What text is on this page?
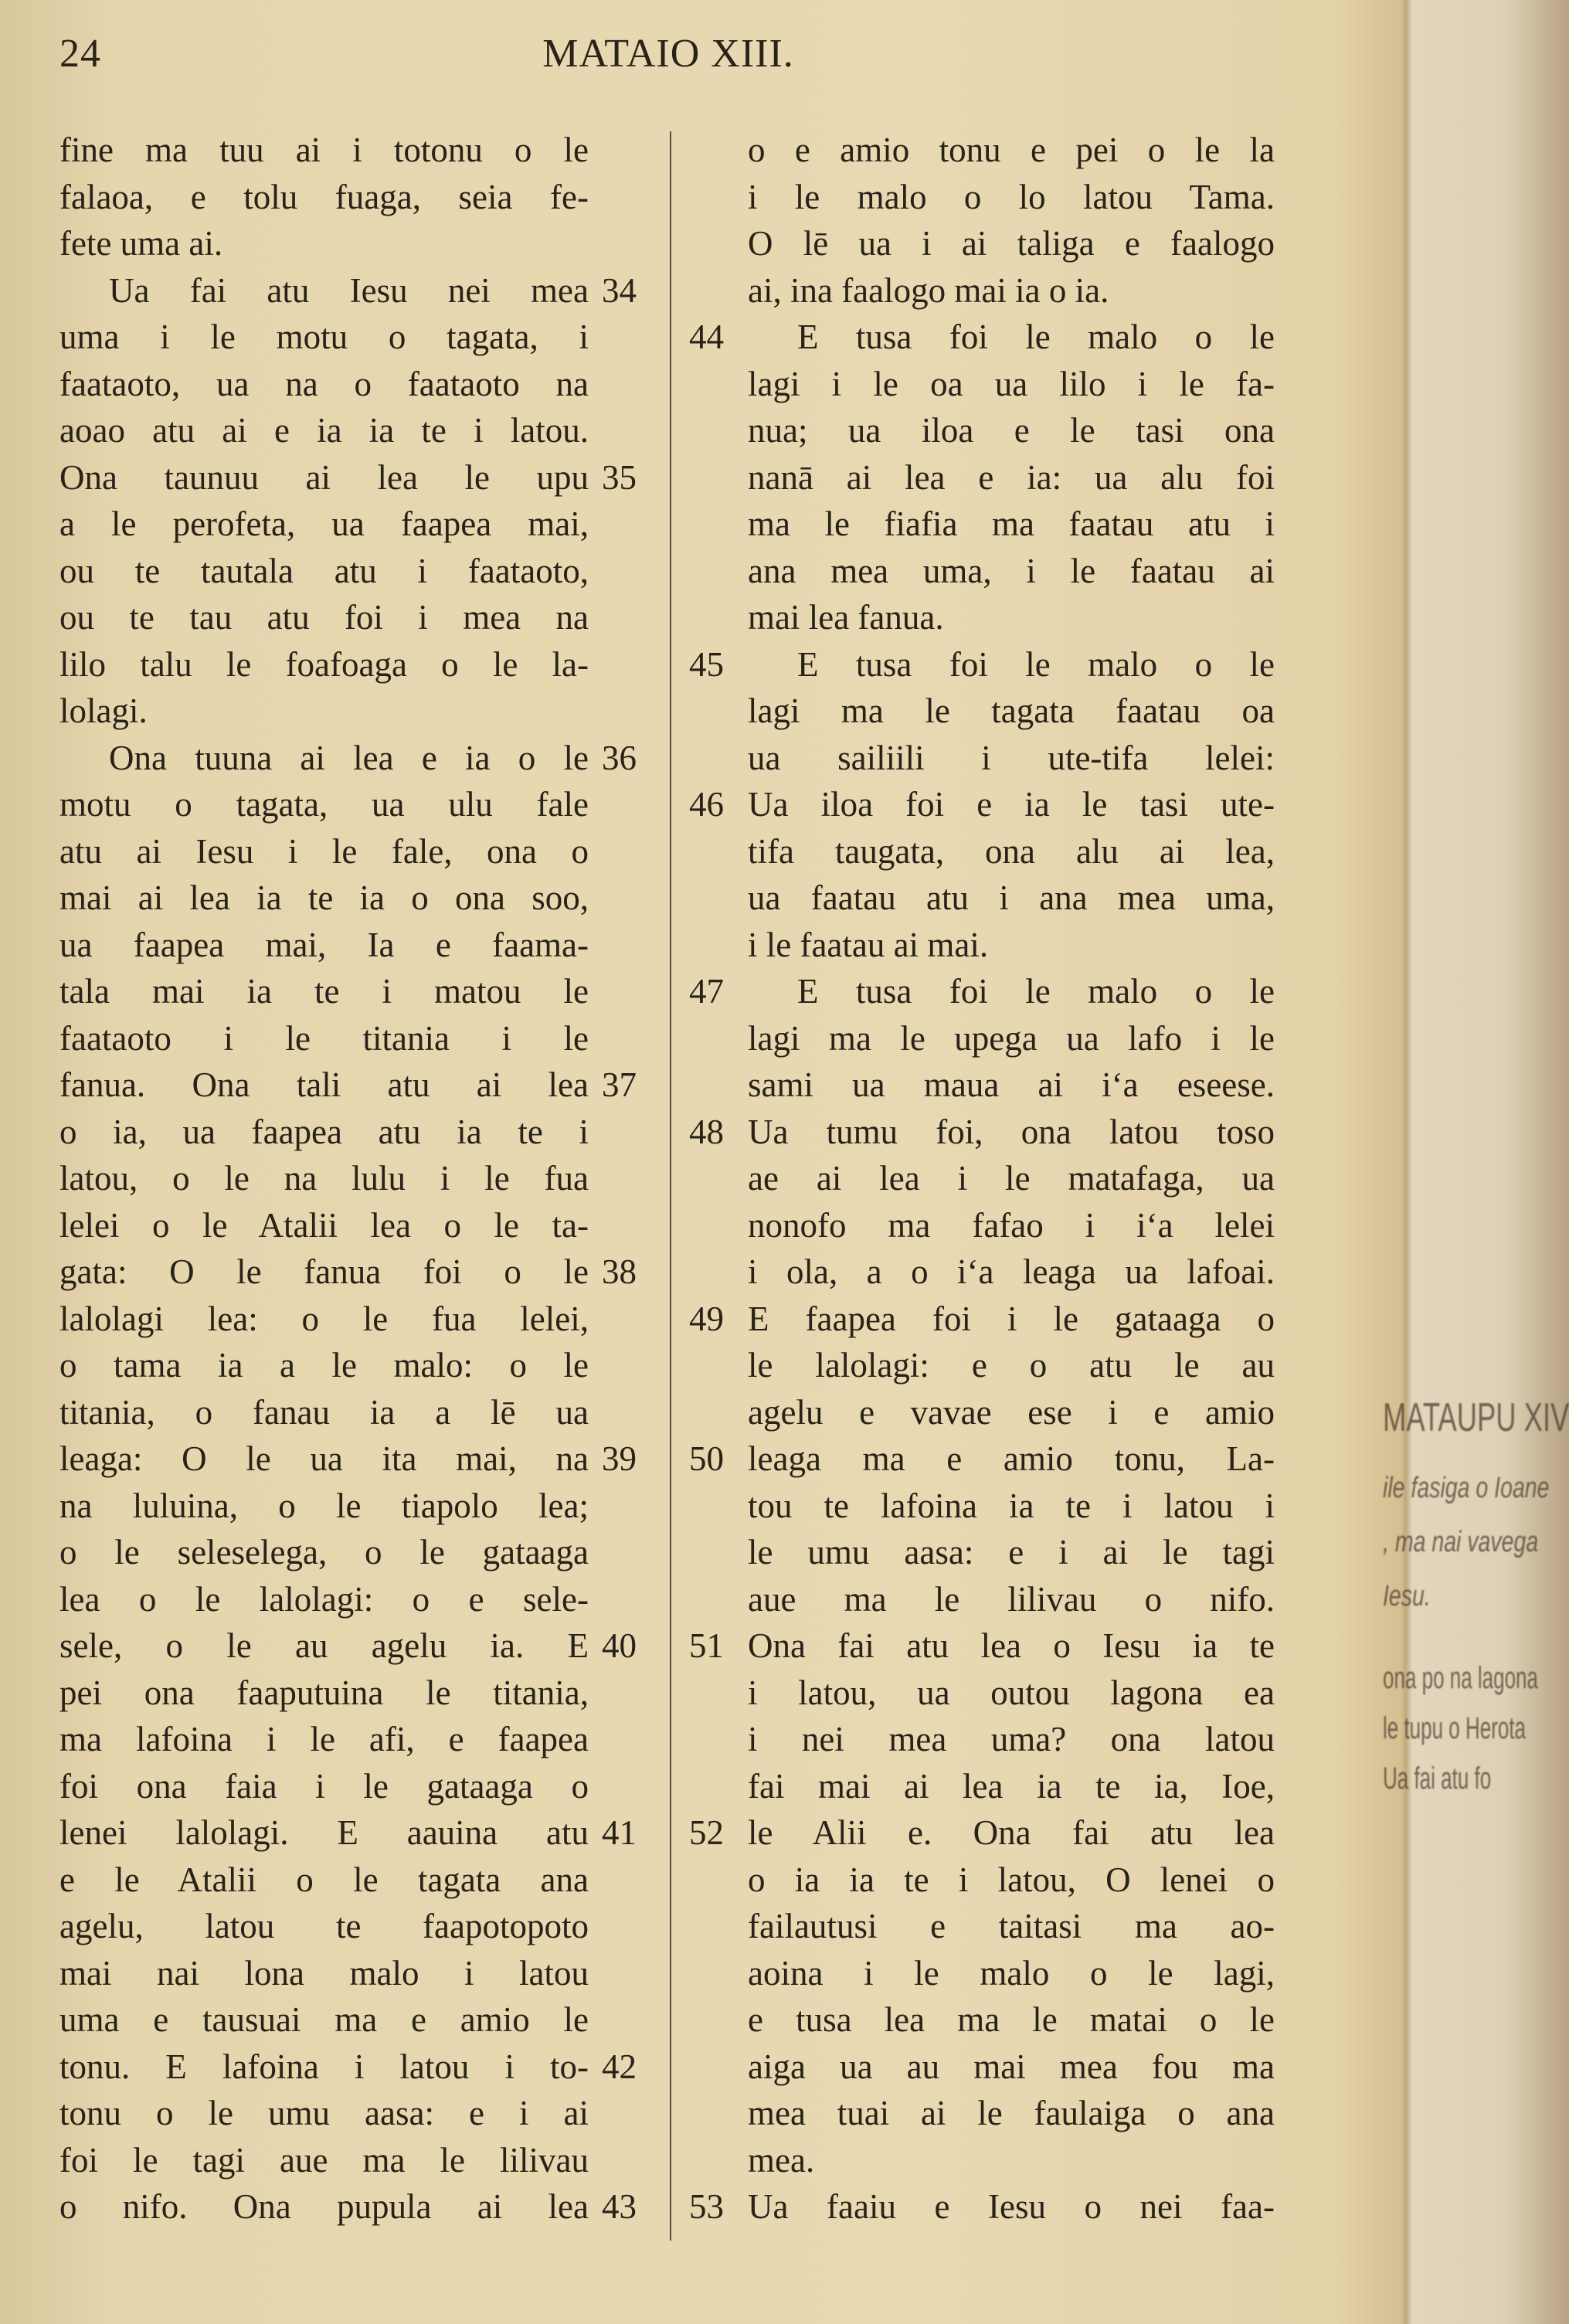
24	MATAIO XIII.
fine ma tuu ai i totonu o le
falaoa, e tolu fuaga, seia fe-
fete uma ai.
Ua fai atu Iesu nei mea 34
uma i le motu o tagata, i
faataoto, ua na o faataoto na
aoao atu ai e ia ia te i latou.
Ona taunuu ai lea le upu 35
a le perofeta, ua faapea mai,
ou te tautala atu i faataoto,
ou te tau atu foi i mea na
lilo talu le foafoaga o le la-
lolagi.
Ona tuuna ai lea e ia o le 36
motu o tagata, ua ulu fale
atu ai Iesu i le fale, ona o
mai ai lea ia te ia o ona soo,
ua faapea mai, Ia e faama-
tala mai ia te i matou le
faataoto i le titania i le
fanua. Ona tali atu ai lea 37
o ia, ua faapea atu ia te i
latou, o le na lulu i le fua
lelei o le Atalii lea o le ta-
gata: O le fanua foi o le 38
lalolagi lea: o le fua lelei,
o tama ia a le malo: o le
titania, o fanau ia a lē ua
leaga: O le ua ita mai, na 39
na luluina, o le tiapolo lea;
o le seleselega, o le gataaga
lea o le lalolagi: o e sele-
sele, o le au agelu ia. E 40
pei ona faaputuina le titania,
ma lafoina i le afi, e faapea
foi ona faia i le gataaga o
lenei lalolagi. E aauina atu 41
e le Atalii o le tagata ana
agelu, latou te faapotopoto
mai nai lona malo i latou
uma e tausuai ma e amio le
tonu. E lafoina i latou i to- 42
tonu o le umu aasa: e i ai
foi le tagi aue ma le lilivau
o nifo. Ona pupula ai lea 43
o e amio tonu e pei o le la
i le malo o lo latou Tama.
O lē ua i ai taliga e faalogo
ai, ina faalogo mai ia o ia.
E tusa foi le malo o le
44
lagi i le oa ua lilo i le fa-
nua; ua iloa e le tasi ona
nanā ai lea e ia: ua alu foi
ma le fiafia ma faatau atu i
ana mea uma, i le faatau ai
mai lea fanua.
E tusa foi le malo o le
45
lagi ma le tagata faatau oa
ua sailiili i ute-tifa lelei:
Ua iloa foi e ia le tasi ute-
46
tifa taugata, ona alu ai lea,
ua faatau atu i ana mea uma,
i le faatau ai mai.
E tusa foi le malo o le
47
lagi ma le upega ua lafo i le
sami ua maua ai iʻa eseese.
Ua tumu foi, ona latou toso
48
ae ai lea i le matafaga, ua
nonofo ma fafao i iʻa lelei
i ola, a o iʻa leaga ua lafoai.
E faapea foi i le gataaga o
49
le lalolagi: e o atu le au
agelu e vavae ese i e amio
leaga ma e amio tonu, La-
50
tou te lafoina ia te i latou i
le umu aasa: e i ai le tagi
aue ma le lilivau o nifo.
Ona fai atu lea o Iesu ia te
51
i latou, ua outou lagona ea
i nei mea uma? ona latou
fai mai ai lea ia te ia, Ioe,
le Alii e. Ona fai atu lea
52
o ia ia te i latou, O lenei o
failautusi e taitasi ma ao-
aoina i le malo o le lagi,
e tusa lea ma le matai o le
aiga ua au mai mea fou ma
mea tuai ai le faulaiga o ana
mea.
Ua faaiu e Iesu o nei faa-
53
MATAUPU XIV
ile fasiga o Ioane
, ma nai vavega
Iesu.
ona po na lagona
le tupu o Herota
Ua fai atu fo
